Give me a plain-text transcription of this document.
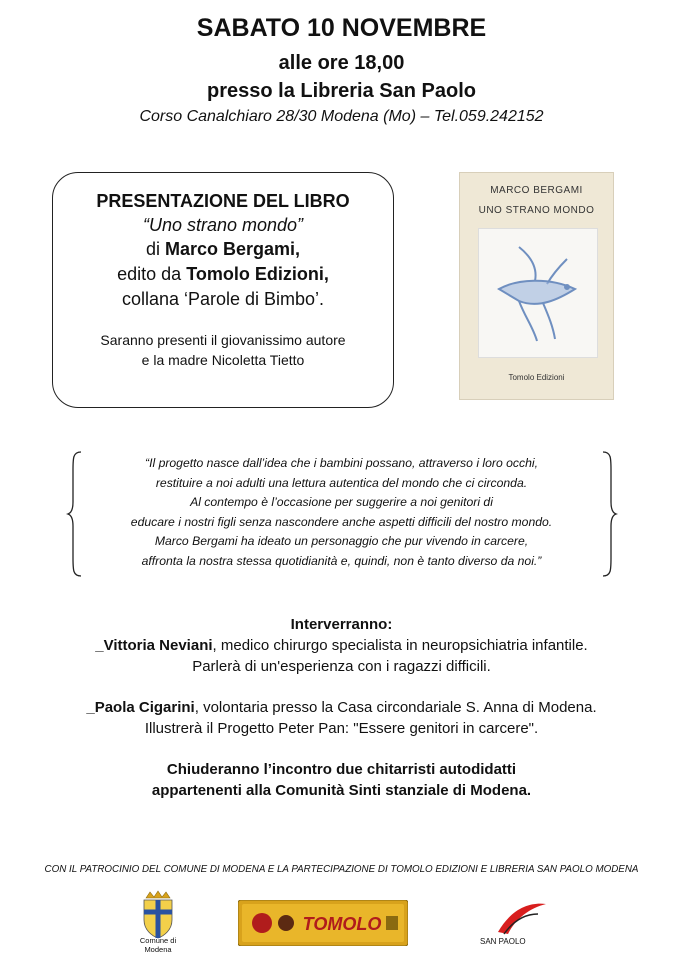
SABATO 10 NOVEMBRE
alle ore 18,00
presso la Libreria San Paolo
Corso Canalchiaro 28/30 Modena (Mo) – Tel.059.242152
PRESENTAZIONE DEL LIBRO
“Uno strano mondo”
di Marco Bergami,
edito da Tomolo Edizioni,
collana ‘Parole di Bimbo’.
Saranno presenti il giovanissimo autore
e la madre Nicoletta Tietto
MARCO BERGAMI
UNO STRANO MONDO
Tomolo Edizioni
“Il progetto nasce dall’idea che i bambini possano, attraverso i loro occhi,
restituire a noi adulti una lettura autentica del mondo che ci circonda.
Al contempo è l’occasione per suggerire a noi genitori di
educare i nostri figli senza nascondere anche aspetti difficili del nostro mondo.
Marco Bergami ha ideato un personaggio che pur vivendo in carcere,
affronta la nostra stessa quotidianità e, quindi, non è tanto diverso da noi.”
Interverranno:
_Vittoria Neviani, medico chirurgo specialista in neuropsichiatria infantile.
Parlerà di un'esperienza con i ragazzi difficili.
_Paola Cigarini, volontaria presso la Casa circondariale S. Anna di Modena.
Illustrerà il Progetto Peter Pan: "Essere genitori in carcere".
Chiuderanno l’incontro due chitarristi autodidatti
appartenenti alla Comunità Sinti stanziale di Modena.
CON IL PATROCINIO DEL COMUNE DI MODENA E LA PARTECIPAZIONE DI TOMOLO EDIZIONI E LIBRERIA SAN PAOLO MODENA
Comune di Modena
TOMOLO
SAN PAOLO
